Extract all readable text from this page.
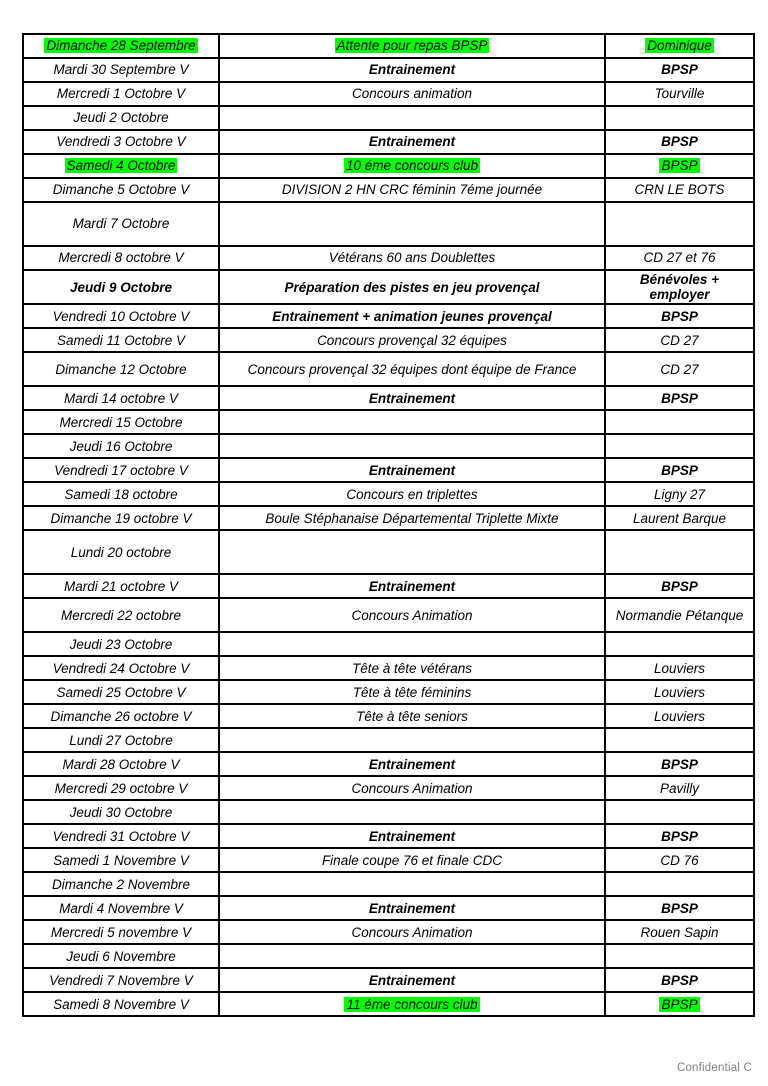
Dimanche 28 Septembre	Attente pour repas BPSP	Dominique
Mardi 30 Septembre V	Entrainement	BPSP
Mercredi 1 Octobre V	Concours animation	Tourville
Jeudi 2 Octobre		
Vendredi 3 Octobre V	Entrainement	BPSP
Samedi 4 Octobre	10 éme concours club	BPSP
Dimanche 5 Octobre V	DIVISION 2 HN CRC féminin 7éme journée	CRN LE BOTS
Mardi 7 Octobre		
Mercredi 8 octobre V	Vétérans 60 ans Doublettes	CD 27 et 76
Jeudi 9 Octobre	Préparation des pistes en jeu provençal	Bénévoles + employer
Vendredi 10 Octobre V	Entrainement + animation jeunes provençal	BPSP
Samedi 11 Octobre V	Concours provençal 32 équipes	CD 27
Dimanche 12 Octobre	Concours provençal 32 équipes dont équipe de France	CD 27
Mardi 14 octobre V	Entrainement	BPSP
Mercredi 15 Octobre		
Jeudi 16 Octobre		
Vendredi 17 octobre V	Entrainement	BPSP
Samedi 18 octobre	Concours en triplettes	Ligny 27
Dimanche 19 octobre V	Boule Stéphanaise Départemental Triplette Mixte	Laurent Barque
Lundi 20 octobre		
Mardi 21 octobre V	Entrainement	BPSP
Mercredi 22 octobre	Concours Animation	Normandie Pétanque
Jeudi 23 Octobre		
Vendredi 24 Octobre V	Tête à tête vétérans	Louviers
Samedi 25 Octobre V	Tête à tête féminins	Louviers
Dimanche 26 octobre V	Tête à tête seniors	Louviers
Lundi 27 Octobre		
Mardi 28 Octobre V	Entrainement	BPSP
Mercredi 29 octobre V	Concours Animation	Pavilly
Jeudi 30 Octobre		
Vendredi 31 Octobre V	Entrainement	BPSP
Samedi 1 Novembre V	Finale coupe 76 et finale CDC	CD 76
Dimanche 2 Novembre		
Mardi 4 Novembre V	Entrainement	BPSP
Mercredi 5 novembre V	Concours Animation	Rouen Sapin
Jeudi 6 Novembre		
Vendredi 7 Novembre V	Entrainement	BPSP
Samedi 8 Novembre V	11 éme concours club	BPSP
Confidential C
